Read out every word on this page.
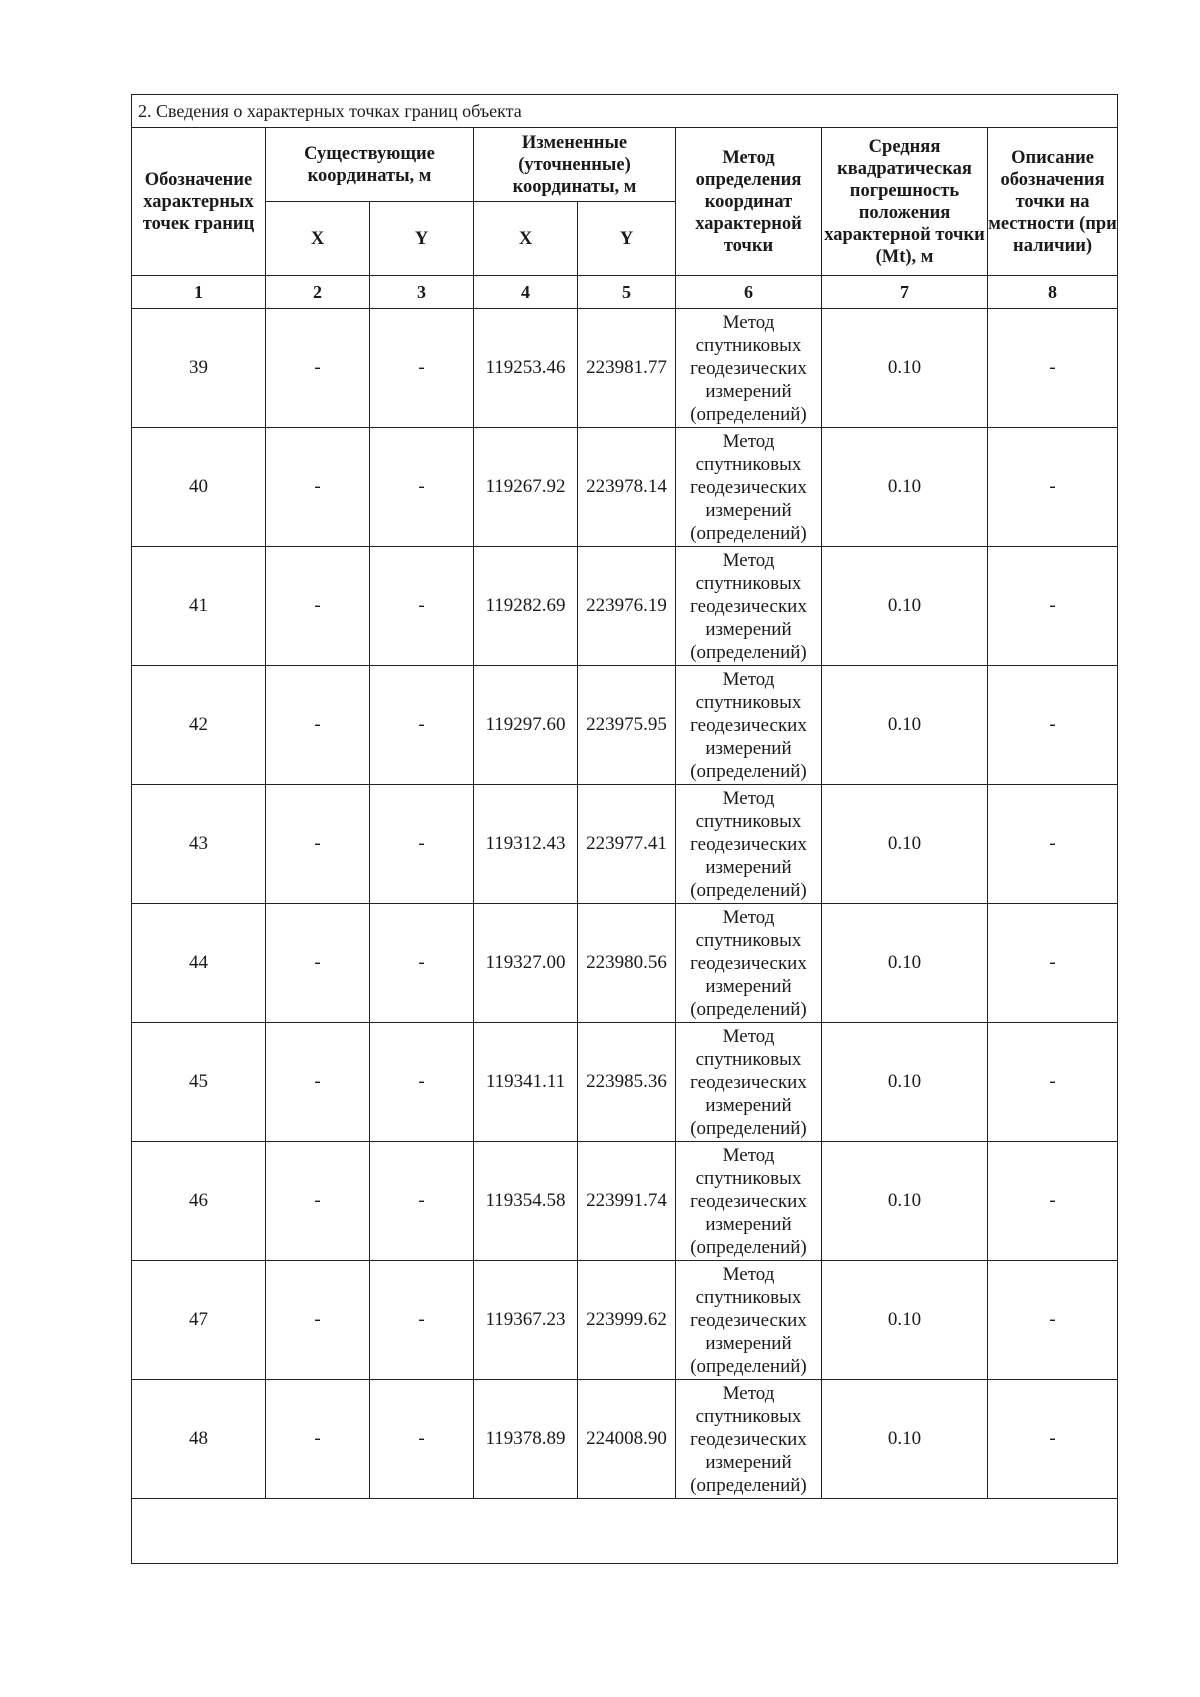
2. Сведения о характерных точках границ объекта							
Обозначение характерных точек границ	Существующие координаты, м		Измененные (уточненные) координаты, м		Метод определения координат характерной точки	Средняя квадратическая погрешность положения характерной точки (Mt), м	Описание обозначения точки на местности (при наличии)
	X	Y	X	Y			
1	2	3	4	5	6	7	8
39	-	-	119253.46	223981.77	Метод
спутниковых
геодезических
измерений
(определений)	0.10	-
40	-	-	119267.92	223978.14	Метод
спутниковых
геодезических
измерений
(определений)	0.10	-
41	-	-	119282.69	223976.19	Метод
спутниковых
геодезических
измерений
(определений)	0.10	-
42	-	-	119297.60	223975.95	Метод
спутниковых
геодезических
измерений
(определений)	0.10	-
43	-	-	119312.43	223977.41	Метод
спутниковых
геодезических
измерений
(определений)	0.10	-
44	-	-	119327.00	223980.56	Метод
спутниковых
геодезических
измерений
(определений)	0.10	-
45	-	-	119341.11	223985.36	Метод
спутниковых
геодезических
измерений
(определений)	0.10	-
46	-	-	119354.58	223991.74	Метод
спутниковых
геодезических
измерений
(определений)	0.10	-
47	-	-	119367.23	223999.62	Метод
спутниковых
геодезических
измерений
(определений)	0.10	-
48	-	-	119378.89	224008.90	Метод
спутниковых
геодезических
измерений
(определений)	0.10	-
